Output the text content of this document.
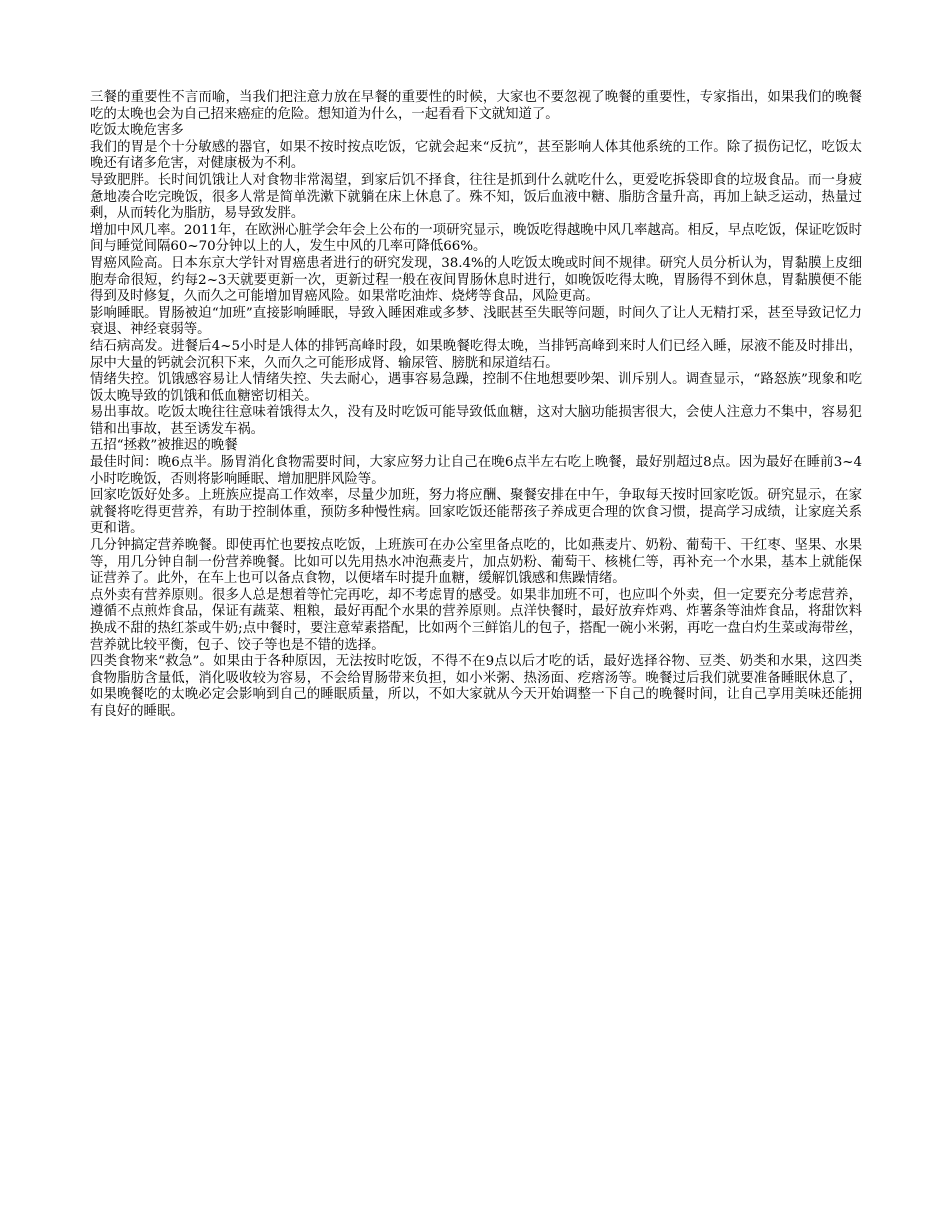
三餐的重要性不言而喻，当我们把注意力放在早餐的重要性的时候，大家也不要忽视了晚餐的重要性，专家指出，如果我们的晚餐吃的太晚也会为自己招来癌症的危险。想知道为什么，一起看看下文就知道了。

吃饭太晚危害多

我们的胃是个十分敏感的器官，如果不按时按点吃饭，它就会起来“反抗”，甚至影响人体其他系统的工作。除了损伤记忆，吃饭太晚还有诸多危害，对健康极为不利。

导致肥胖。长时间饥饿让人对食物非常渴望，到家后饥不择食，往往是抓到什么就吃什么，更爱吃拆袋即食的垃圾食品。而一身疲惫地凑合吃完晚饭，很多人常是简单洗漱下就躺在床上休息了。殊不知，饭后血液中糖、脂肪含量升高，再加上缺乏运动，热量过剩，从而转化为脂肪，易导致发胖。

增加中风几率。2011年，在欧洲心脏学会年会上公布的一项研究显示，晚饭吃得越晚中风几率越高。相反，早点吃饭，保证吃饭时间与睡觉间隔60~70分钟以上的人，发生中风的几率可降低66%。

胃癌风险高。日本东京大学针对胃癌患者进行的研究发现，38.4%的人吃饭太晚或时间不规律。研究人员分析认为，胃黏膜上皮细胞寿命很短，约每2~3天就要更新一次，更新过程一般在夜间胃肠休息时进行，如晚饭吃得太晚，胃肠得不到休息，胃黏膜便不能得到及时修复，久而久之可能增加胃癌风险。如果常吃油炸、烧烤等食品，风险更高。

影响睡眠。胃肠被迫“加班”直接影响睡眠，导致入睡困难或多梦、浅眠甚至失眠等问题，时间久了让人无精打采，甚至导致记忆力衰退、神经衰弱等。

结石病高发。进餐后4~5小时是人体的排钙高峰时段，如果晚餐吃得太晚，当排钙高峰到来时人们已经入睡，尿液不能及时排出，尿中大量的钙就会沉积下来，久而久之可能形成肾、输尿管、膀胱和尿道结石。

情绪失控。饥饿感容易让人情绪失控、失去耐心，遇事容易急躁，控制不住地想要吵架、训斥别人。调查显示，“路怒族”现象和吃饭太晚导致的饥饿和低血糖密切相关。

易出事故。吃饭太晚往往意味着饿得太久，没有及时吃饭可能导致低血糖，这对大脑功能损害很大，会使人注意力不集中，容易犯错和出事故，甚至诱发车祸。

五招“拯救”被推迟的晚餐

最佳时间：晚6点半。肠胃消化食物需要时间，大家应努力让自己在晚6点半左右吃上晚餐，最好别超过8点。因为最好在睡前3~4小时吃晚饭，否则将影响睡眠、增加肥胖风险等。

回家吃饭好处多。上班族应提高工作效率，尽量少加班，努力将应酬、聚餐安排在中午，争取每天按时回家吃饭。研究显示，在家就餐将吃得更营养，有助于控制体重，预防多种慢性病。回家吃饭还能帮孩子养成更合理的饮食习惯，提高学习成绩，让家庭关系更和谐。

几分钟搞定营养晚餐。即使再忙也要按点吃饭，上班族可在办公室里备点吃的，比如燕麦片、奶粉、葡萄干、干红枣、坚果、水果等，用几分钟自制一份营养晚餐。比如可以先用热水冲泡燕麦片，加点奶粉、葡萄干、核桃仁等，再补充一个水果，基本上就能保证营养了。此外，在车上也可以备点食物，以便堵车时提升血糖，缓解饥饿感和焦躁情绪。

点外卖有营养原则。很多人总是想着等忙完再吃，却不考虑胃的感受。如果非加班不可，也应叫个外卖，但一定要充分考虑营养，遵循不点煎炸食品，保证有蔬菜、粗粮，最好再配个水果的营养原则。点洋快餐时，最好放弃炸鸡、炸薯条等油炸食品，将甜饮料换成不甜的热红茶或牛奶;点中餐时，要注意荤素搭配，比如两个三鲜馅儿的包子，搭配一碗小米粥，再吃一盘白灼生菜或海带丝，营养就比较平衡，包子、饺子等也是不错的选择。

四类食物来“救急”。如果由于各种原因，无法按时吃饭，不得不在9点以后才吃的话，最好选择谷物、豆类、奶类和水果，这四类食物脂肪含量低，消化吸收较为容易，不会给胃肠带来负担，如小米粥、热汤面、疙瘩汤等。晚餐过后我们就要准备睡眠休息了，如果晚餐吃的太晚必定会影响到自己的睡眠质量，所以，不如大家就从今天开始调整一下自己的晚餐时间，让自己享用美味还能拥有良好的睡眠。
